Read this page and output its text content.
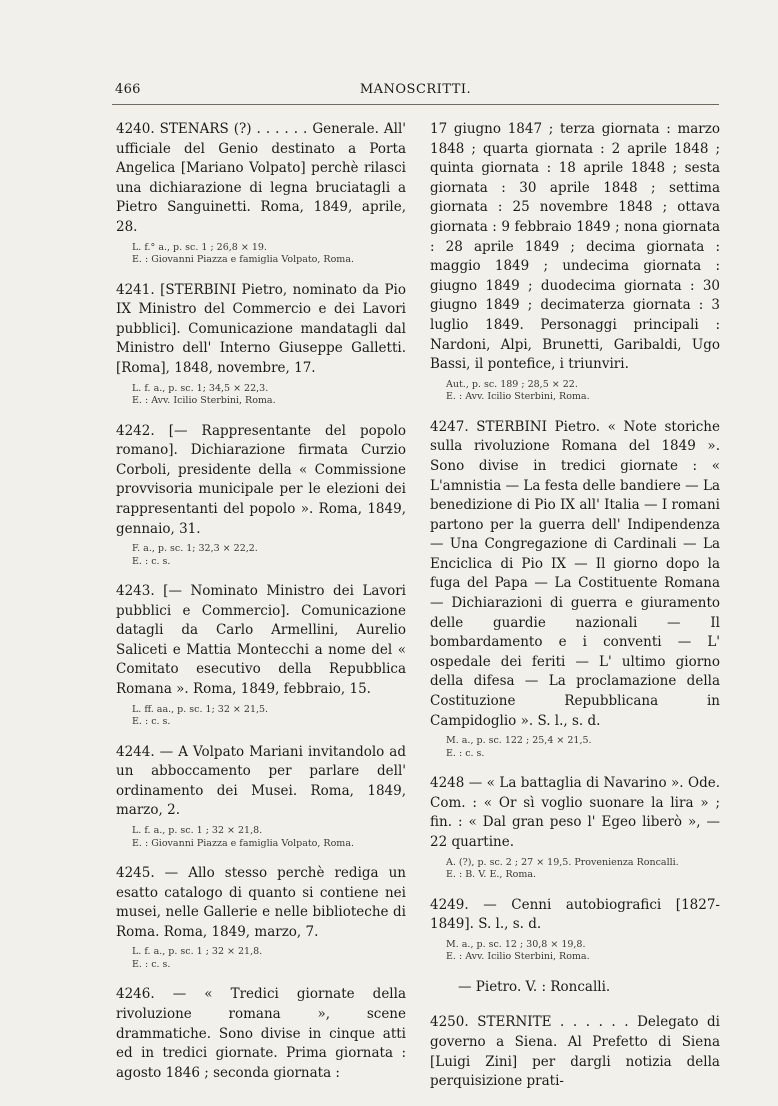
466	MANOSCRITTI.

4240. STENARS (?) . . . . . . Generale. All' ufficiale del Genio destinato a Porta Angelica [Mariano Volpato] perchè rilasci una dichiarazione di legna bruciatagli a Pietro Sanguinetti. Roma, 1849, aprile, 28.

L. f.° a., p. sc. 1 ; 26,8 × 19.
E. : Giovanni Piazza e famiglia Volpato, Roma.

4241. [STERBINI Pietro, nominato da Pio IX Ministro del Commercio e dei Lavori pubblici]. Comunicazione mandatagli dal Ministro dell' Interno Giuseppe Galletti. [Roma], 1848, novembre, 17.

L. f. a., p. sc. 1; 34,5 × 22,3.
E. : Avv. Icilio Sterbini, Roma.

4242. [— Rappresentante del popolo romano]. Dichiarazione firmata Curzio Corboli, presidente della « Commissione provvisoria municipale per le elezioni dei rappresentanti del popolo ». Roma, 1849, gennaio, 31.

F. a., p. sc. 1; 32,3 × 22,2.
E. : c. s.

4243. [— Nominato Ministro dei Lavori pubblici e Commercio]. Comunicazione datagli da Carlo Armellini, Aurelio Saliceti e Mattia Montecchi a nome del « Comitato esecutivo della Repubblica Romana ». Roma, 1849, febbraio, 15.

L. ff. aa., p. sc. 1; 32 × 21,5.
E. : c. s.

4244. — A Volpato Mariani invitandolo ad un abboccamento per parlare dell' ordinamento dei Musei. Roma, 1849, marzo, 2.

L. f. a., p. sc. 1 ; 32 × 21,8.
E. : Giovanni Piazza e famiglia Volpato, Roma.

4245. — Allo stesso perchè rediga un esatto catalogo di quanto si contiene nei musei, nelle Gallerie e nelle biblioteche di Roma. Roma, 1849, marzo, 7.

L. f. a., p. sc. 1 ; 32 × 21,8.
E. : c. s.

4246. — « Tredici giornate della rivoluzione romana », scene drammatiche. Sono divise in cinque atti ed in tredici giornate. Prima giornata : agosto 1846 ; seconda giornata :

17 giugno 1847 ; terza giornata : marzo 1848 ; quarta giornata : 2 aprile 1848 ; quinta giornata : 18 aprile 1848 ; sesta giornata : 30 aprile 1848 ; settima giornata : 25 novembre 1848 ; ottava giornata : 9 febbraio 1849 ; nona giornata : 28 aprile 1849 ; decima giornata : maggio 1849 ; undecima giornata : giugno 1849 ; duodecima giornata : 30 giugno 1849 ; decimaterza giornata : 3 luglio 1849. Personaggi principali : Nardoni, Alpi, Brunetti, Garibaldi, Ugo Bassi, il pontefice, i triunviri.

Aut., p. sc. 189 ; 28,5 × 22.
E. : Avv. Icilio Sterbini, Roma.

4247. STERBINI Pietro. « Note storiche sulla rivoluzione Romana del 1849 ». Sono divise in tredici giornate : « L'amnistia — La festa delle bandiere — La benedizione di Pio IX all' Italia — I romani partono per la guerra dell' Indipendenza — Una Congregazione di Cardinali — La Enciclica di Pio IX — Il giorno dopo la fuga del Papa — La Costituente Romana — Dichiarazioni di guerra e giuramento delle guardie nazionali — Il bombardamento e i conventi — L' ospedale dei feriti — L' ultimo giorno della difesa — La proclamazione della Costituzione Repubblicana in Campidoglio ». S. l., s. d.

M. a., p. sc. 122 ; 25,4 × 21,5.
E. : c. s.

4248 — « La battaglia di Navarino ». Ode. Com. : « Or sì voglio suonare la lira » ; fin. : « Dal gran peso l' Egeo liberò », — 22 quartine.

A. (?), p. sc. 2 ; 27 × 19,5. Provenienza Roncalli.
E. : B. V. E., Roma.

4249. — Cenni autobiografici [1827-1849]. S. l., s. d.

M. a., p. sc. 12 ; 30,8 × 19,8.
E. : Avv. Icilio Sterbini, Roma.
— Pietro. V. : Roncalli.

4250. STERNITE . . . . . . Delegato di governo a Siena. Al Prefetto di Siena [Luigi Zini] per dargli notizia della perquisizione prati-
